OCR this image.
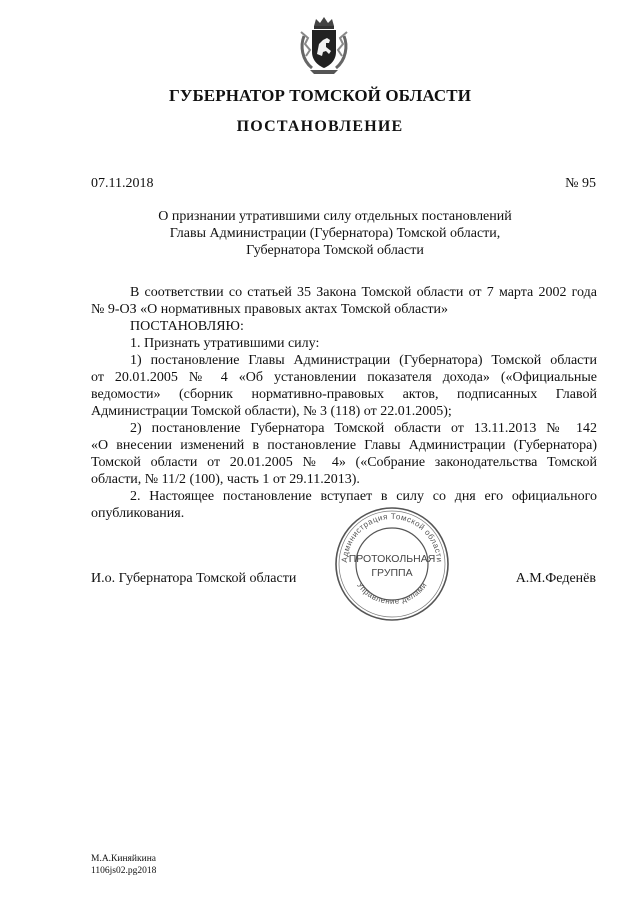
ГУБЕРНАТОР ТОМСКОЙ ОБЛАСТИ
ПОСТАНОВЛЕНИЕ
07.11.2018	№ 95
О признании утратившими силу отдельных постановлений
Главы Администрации (Губернатора) Томской области,
Губернатора Томской области
В соответствии со статьей 35 Закона Томской области от 7 марта 2002 года
№ 9-ОЗ «О нормативных правовых актах Томской области»
ПОСТАНОВЛЯЮ:
1. Признать утратившими силу:
1) постановление Главы Администрации (Губернатора) Томской области
от 20.01.2005 № 4 «Об установлении показателя дохода» («Официальные
ведомости» (сборник нормативно-правовых актов, подписанных Главой
Администрации Томской области), № 3 (118) от 22.01.2005);
2) постановление Губернатора Томской области от 13.11.2013 № 142
«О внесении изменений в постановление Главы Администрации (Губернатора)
Томской области от 20.01.2005 № 4» («Собрание законодательства Томской
области, № 11/2 (100), часть 1 от 29.11.2013).
2. Настоящее постановление вступает в силу со дня его официального
опубликования.
И.о. Губернатора Томской области
Администрация Томской области
Управление делами
ПРОТОКОЛЬНАЯ
ГРУППА	А.М.Феденёв
М.А.Киняйкина
1106js02.pg2018
